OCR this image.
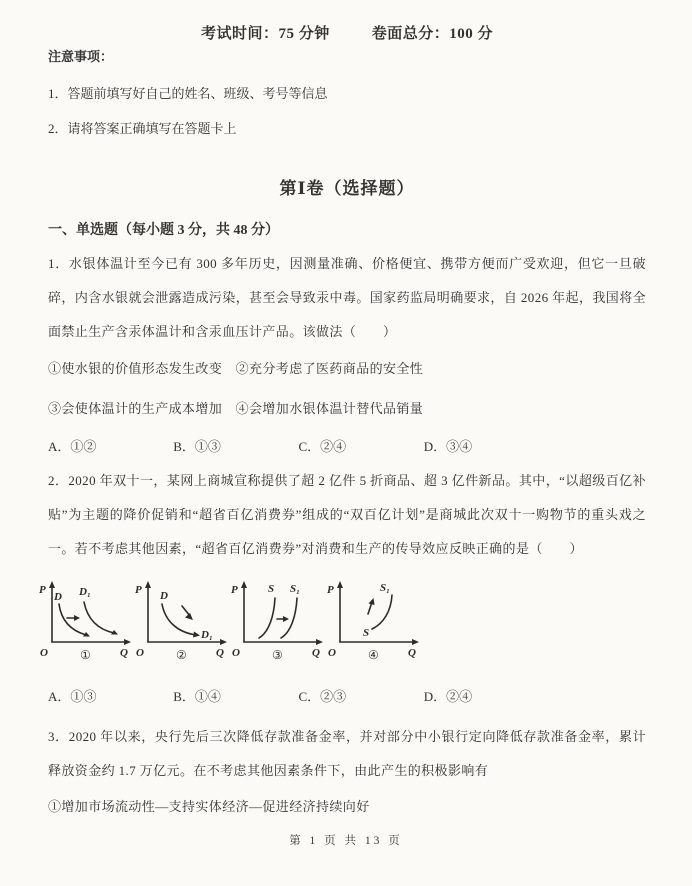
考试时间：75 分钟	卷面总分：100 分
注意事项：
1．答题前填写好自己的姓名、班级、考号等信息
2．请将答案正确填写在答题卡上
第Ⅰ卷（选择题）
一、单选题（每小题 3 分，共 48 分）

1．水银体温计至今已有 300 多年历史，因测量准确、价格便宜、携带方便而广受欢迎，但它一旦破碎，内含水银就会泄露造成污染，甚至会导致汞中毒。国家药监局明确要求，自 2026 年起，我国将全面禁止生产含汞体温计和含汞血压计产品。该做法（　　）

①使水银的价值形态发生改变　②充分考虑了医药商品的安全性
③会使体温计的生产成本增加　④会增加水银体温计替代品销量
A．①②	B．①③	C．②④	D．③④

2．2020 年双十一，某网上商城宣称提供了超 2 亿件 5 折商品、超 3 亿件新品。其中，“以超级百亿补贴”为主题的降价促销和“超省百亿消费券”组成的“双百亿计划”是商城此次双十一购物节的重头戏之一。若不考虑其他因素，“超省百亿消费券”对消费和生产的传导效应反映正确的是（　　）

P
D D₁
O	①	Q
P D
D₁
O	②	Q
P	S S₁
O	③	Q
P
S
S₁
O	④	Q
A．①③	B．①④	C．②③	D．②④

3．2020 年以来，央行先后三次降低存款准备金率，并对部分中小银行定向降低存款准备金率，累计释放资金约 1.7 万亿元。在不考虑其他因素条件下，由此产生的积极影响有

①增加市场流动性—支持实体经济—促进经济持续向好
第 1 页 共 13 页
